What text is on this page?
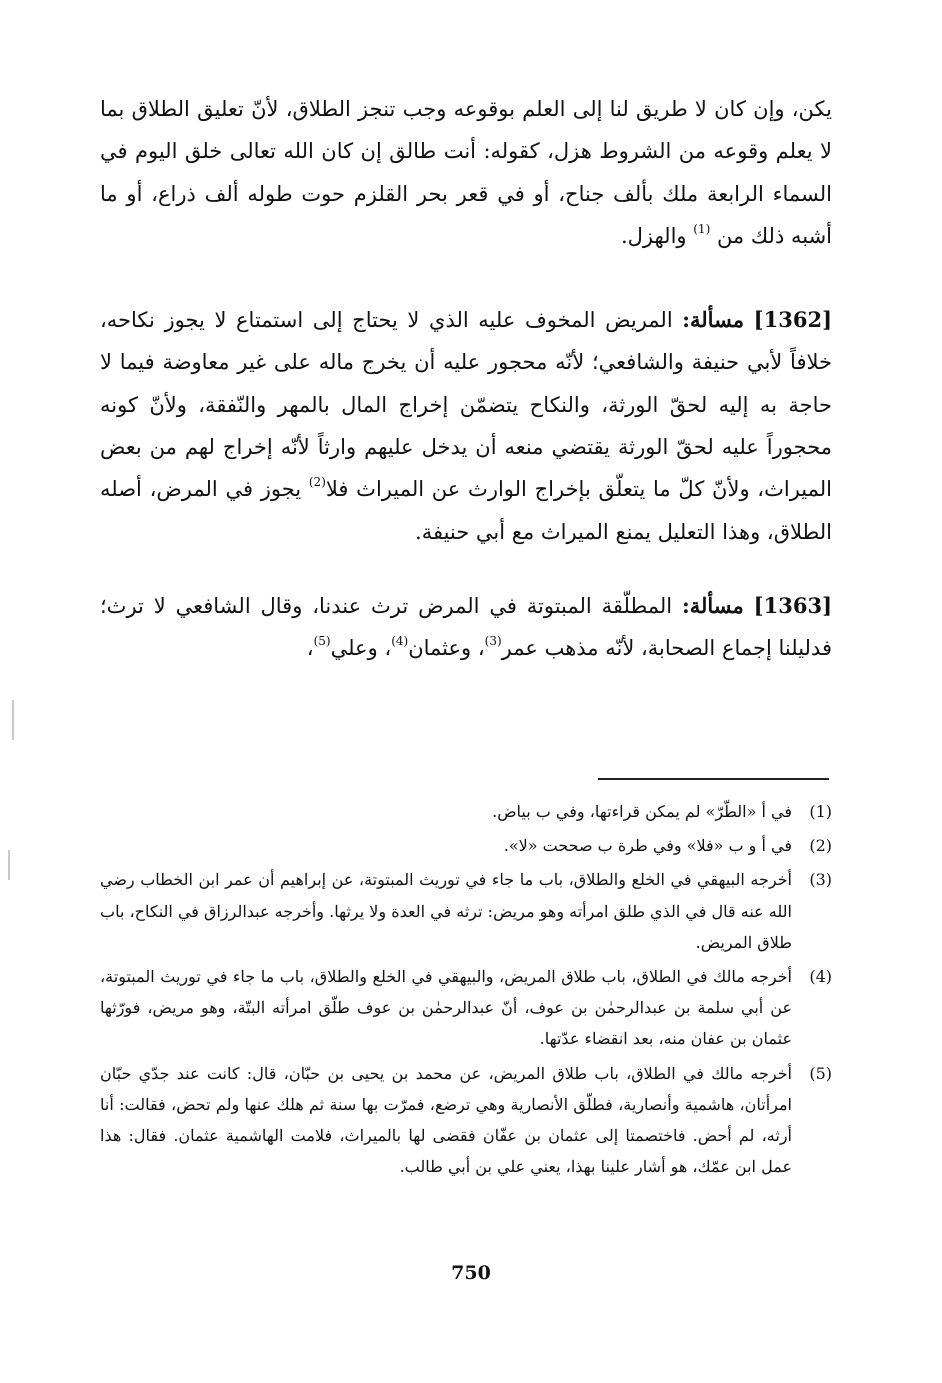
يكن، وإن كان لا طريق لنا إلى العلم بوقوعه وجب تنجز الطلاق، لأنّ تعليق الطلاق بما لا يعلم وقوعه من الشروط هزل، كقوله: أنت طالق إن كان الله تعالى خلق اليوم في السماء الرابعة ملك بألف جناح، أو في قعر بحر القلزم حوت طوله ألف ذراع، أو ما أشبه ذلك من $^{(1)}$ والهزل.

[1362] مسألة: المريض المخوف عليه الذي لا يحتاج إلى استمتاع لا يجوز نكاحه، خلافاً لأبي حنيفة والشافعي؛ لأنّه محجور عليه أن يخرج ماله على غير معاوضة فيما لا حاجة به إليه لحقّ الورثة، والنكاح يتضمّن إخراج المال بالمهر والنّفقة، ولأنّ كونه محجوراً عليه لحقّ الورثة يقتضي منعه أن يدخل عليهم وارثاً لأنّه إخراج لهم من بعض الميراث، ولأنّ كلّ ما يتعلّق بإخراج الوارث عن الميراث فلا$^{(2)}$ يجوز في المرض، أصله الطلاق، وهذا التعليل يمنع الميراث مع أبي حنيفة.

[1363] مسألة: المطلّقة المبتوتة في المرض ترث عندنا، وقال الشافعي لا ترث؛ فدليلنا إجماع الصحابة، لأنّه مذهب عمر$^{(3)}$، وعثمان$^{(4)}$، وعلي$^{(5)}$،

(1)
في أ «الطّرّ» لم يمكن قراءتها، وفي ب بياض.
(2)
في أ و ب «فلا» وفي طرة ب صححت «لا».
(3)
أخرجه البيهقي في الخلع والطلاق، باب ما جاء في توريث المبتوتة، عن إبراهيم أن عمر ابن الخطاب رضي الله عنه قال في الذي طلق امرأته وهو مريض: ترثه في العدة ولا يرثها. وأخرجه عبدالرزاق في النكاح، باب طلاق المريض.
(4)
أخرجه مالك في الطلاق، باب طلاق المريض، والبيهقي في الخلع والطلاق، باب ما جاء في توريث المبتوتة، عن أبي سلمة بن عبدالرحمٰن بن عوف، أنّ عبدالرحمٰن بن عوف طلّق امرأته البتّة، وهو مريض، فورّثها عثمان بن عفان منه، بعد انقضاء عدّتها.
(5)
أخرجه مالك في الطلاق، باب طلاق المريض، عن محمد بن يحيى بن حبّان، قال: كانت عند جدّي حبّان امرأتان، هاشمية وأنصارية، فطلّق الأنصارية وهي ترضع، فمرّت بها سنة ثم هلك عنها ولم تحض، فقالت: أنا أرثه، لم أحض. فاختصمتا إلى عثمان بن عفّان فقضى لها بالميراث، فلامت الهاشمية عثمان. فقال: هذا عمل ابن عمّك، هو أشار علينا بهذا، يعني علي بن أبي طالب.
750
